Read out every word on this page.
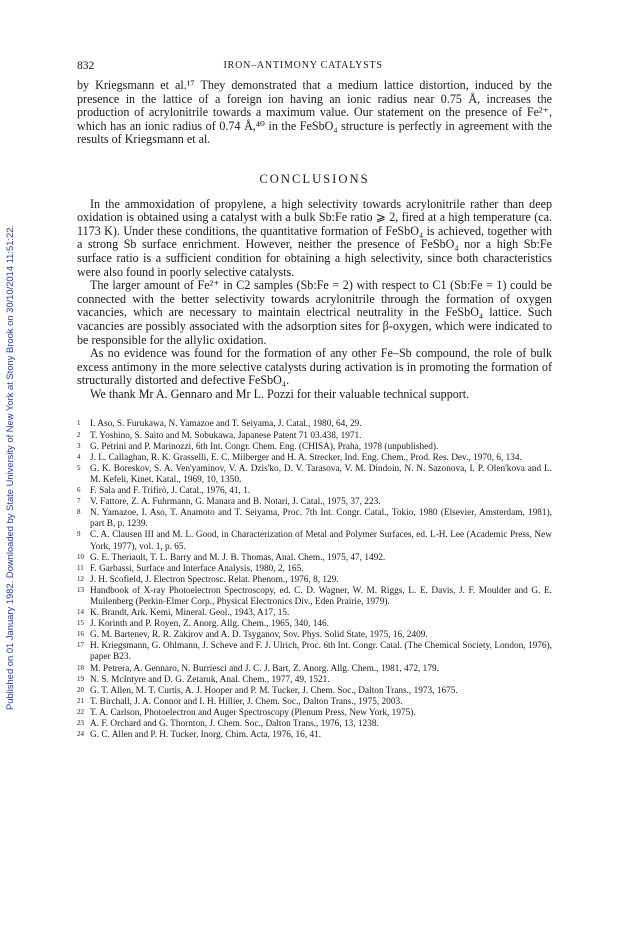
Published on 01 January 1982. Downloaded by State University of New York at Stony Brook on 30/10/2014 11:51:22.
832	IRON–ANTIMONY CATALYSTS

by Kriegsmann et al.¹⁷ They demonstrated that a medium lattice distortion, induced by the presence in the lattice of a foreign ion having an ionic radius near 0.75 Å, increases the production of acrylonitrile towards a maximum value. Our statement on the presence of Fe²⁺, which has an ionic radius of 0.74 Å,⁴⁰ in the FeSbO₄ structure is perfectly in agreement with the results of Kriegsmann et al.

CONCLUSIONS

In the ammoxidation of propylene, a high selectivity towards acrylonitrile rather than deep oxidation is obtained using a catalyst with a bulk Sb:Fe ratio ⩾ 2, fired at a high temperature (ca. 1173 K). Under these conditions, the quantitative formation of FeSbO₄ is achieved, together with a strong Sb surface enrichment. However, neither the presence of FeSbO₄ nor a high Sb:Fe surface ratio is a sufficient condition for obtaining a high selectivity, since both characteristics were also found in poorly selective catalysts.

The larger amount of Fe²⁺ in C2 samples (Sb:Fe = 2) with respect to C1 (Sb:Fe = 1) could be connected with the better selectivity towards acrylonitrile through the formation of oxygen vacancies, which are necessary to maintain electrical neutrality in the FeSbO₄ lattice. Such vacancies are possibly associated with the adsorption sites for β-oxygen, which were indicated to be responsible for the allylic oxidation.

As no evidence was found for the formation of any other Fe–Sb compound, the role of bulk excess antimony in the more selective catalysts during activation is in promoting the formation of structurally distorted and defective FeSbO₄.

We thank Mr A. Gennaro and Mr L. Pozzi for their valuable technical support.

1 I. Aso, S. Furukawa, N. Yamazoe and T. Seiyama, J. Catal., 1980, 64, 29.
2 T. Yoshino, S. Saito and M. Sobukawa, Japanese Patent 71 03.438, 1971.
3 G. Petrini and P. Marinozzi, 6th Int. Congr. Chem. Eng. (CHISA), Praha, 1978 (unpublished).
4 J. L. Callaghan, R. K. Grasselli, E. C. Milberger and H. A. Strecker, Ind. Eng. Chem., Prod. Res. Dev., 1970, 6, 134.
5 G. K. Boreskov, S. A. Ven'yaminov, V. A. Dzis'ko, D. V. Tarasova, V. M. Dindoin, N. N. Sazonova, I. P. Olen'kova and L. M. Kefeli, Kinet. Katal., 1969, 10, 1350.
6 F. Sala and F. Trifirò, J. Catal., 1976, 41, 1.
7 V. Fattore, Z. A. Fuhrmann, G. Manara and B. Notari, J. Catal., 1975, 37, 223.
8 N. Yamazoe, I. Aso, T. Anamoto and T. Seiyama, Proc. 7th Int. Congr. Catal., Tokio, 1980 (Elsevier, Amsterdam, 1981), part B, p. 1239.
9 C. A. Clausen III and M. L. Good, in Characterization of Metal and Polymer Surfaces, ed. L-H. Lee (Academic Press, New York, 1977), vol. 1, p. 65.
10 G. E. Theriault, T. L. Barry and M. J. B. Thomas, Anal. Chem., 1975, 47, 1492.
11 F. Garbassi, Surface and Interface Analysis, 1980, 2, 165.
12 J. H. Scofield, J. Electron Spectrosc. Relat. Phenom., 1976, 8, 129.
13 Handbook of X-ray Photoelectron Spectroscopy, ed. C. D. Wagner, W. M. Riggs, L. E. Davis, J. F. Moulder and G. E. Muilenberg (Perkin-Elmer Corp., Physical Electronics Div., Eden Prairie, 1979).
14 K. Brandt, Ark. Kemi, Mineral. Geol., 1943, A17, 15.
15 J. Korinth and P. Royen, Z. Anorg. Allg. Chem., 1965, 340, 146.
16 G. M. Bartenev, R. R. Zakirov and A. D. Tsyganov, Sov. Phys. Solid State, 1975, 16, 2409.
17 H. Kriegsmann, G. Ohlmann, J. Scheve and F. J. Ulrich, Proc. 6th Int. Congr. Catal. (The Chemical Society, London, 1976), paper B23.
18 M. Petrera, A. Gennaro, N. Burriesci and J. C. J. Bart, Z. Anorg. Allg. Chem., 1981, 472, 179.
19 N. S. McIntyre and D. G. Zetaruk, Anal. Chem., 1977, 49, 1521.
20 G. T. Allen, M. T. Curtis, A. J. Hooper and P. M. Tucker, J. Chem. Soc., Dalton Trans., 1973, 1675.
21 T. Birchall, J. A. Connor and I. H. Hillier, J. Chem. Soc., Dalton Trans., 1975, 2003.
22 T. A. Carlson, Photoelectron and Auger Spectroscopy (Plenum Press, New York, 1975).
23 A. F. Orchard and G. Thornton, J. Chem. Soc., Dalton Trans., 1976, 13, 1238.
24 G. C. Allen and P. H. Tucker, Inorg. Chim. Acta, 1976, 16, 41.
